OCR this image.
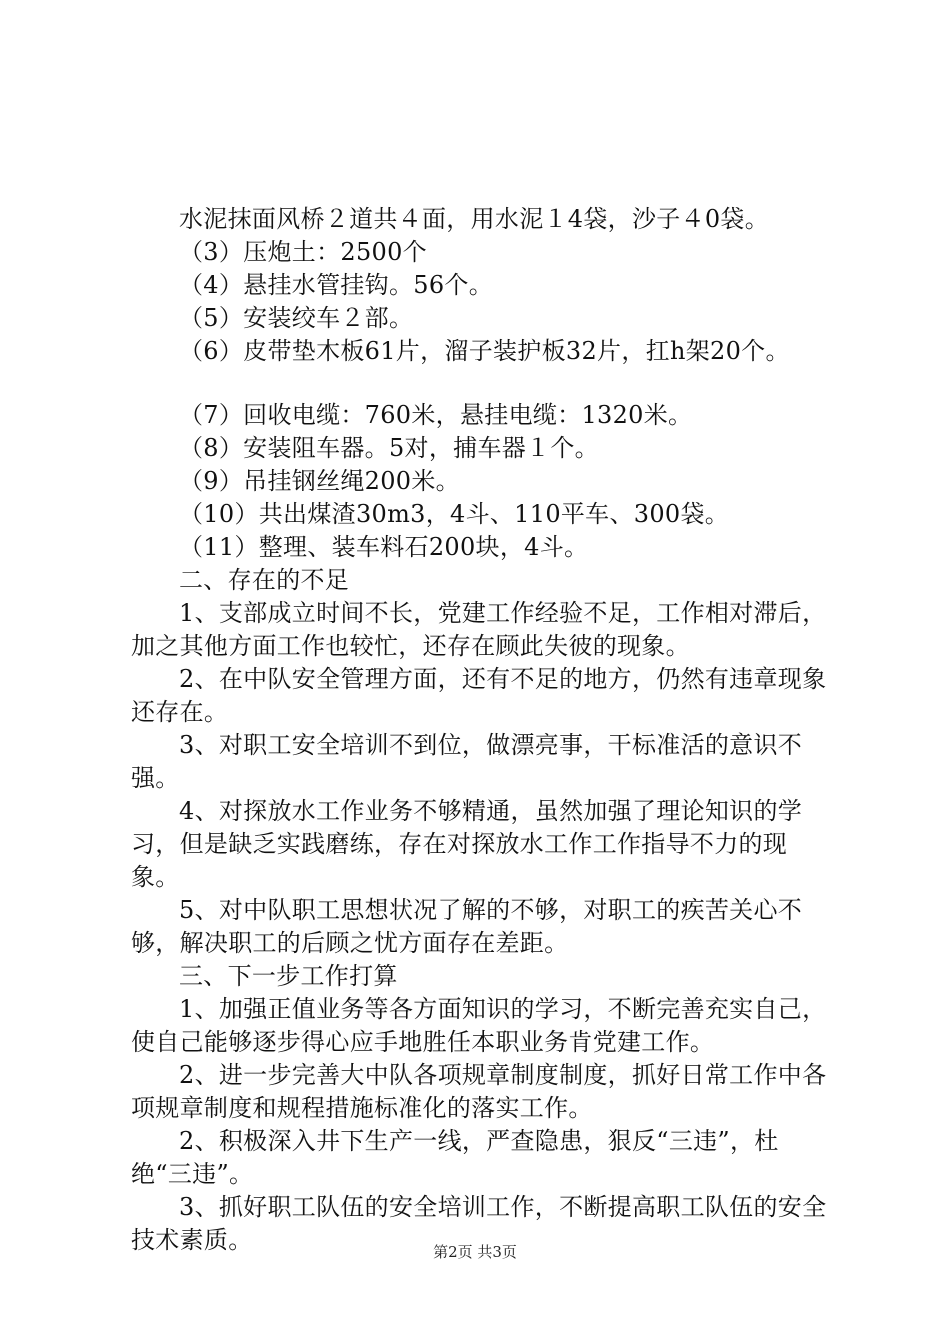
水泥抹面风桥２道共４面，用水泥１4袋，沙子４0袋。

（3）压炮土：2500个

（4）悬挂水管挂钩。56个。

（5）安装绞车２部。

（6）皮带垫木板61片，溜子装护板32片，扛h架20个。

（7）回收电缆：760米，悬挂电缆：1320米。

（8）安装阻车器。5对，捕车器１个。

（9）吊挂钢丝绳200米。

（10）共出煤渣30m3，4斗、110平车、300袋。

（11）整理、装车料石200块，4斗。

二、存在的不足

1、支部成立时间不长，党建工作经验不足，工作相对滞后，加之其他方面工作也较忙，还存在顾此失彼的现象。

2、在中队安全管理方面，还有不足的地方，仍然有违章现象还存在。

3、对职工安全培训不到位，做漂亮事，干标准活的意识不强。

4、对探放水工作业务不够精通，虽然加强了理论知识的学习，但是缺乏实践磨练，存在对探放水工作工作指导不力的现象。

5、对中队职工思想状况了解的不够，对职工的疾苦关心不够，解决职工的后顾之忧方面存在差距。

三、下一步工作打算

1、加强正值业务等各方面知识的学习，不断完善充实自己，使自己能够逐步得心应手地胜任本职业务肯党建工作。

2、进一步完善大中队各项规章制度制度，抓好日常工作中各项规章制度和规程措施标准化的落实工作。

2、积极深入井下生产一线，严查隐患，狠反“三违”，杜绝“三违”。

3、抓好职工队伍的安全培训工作，不断提高职工队伍的安全技术素质。	第2页 共3页
